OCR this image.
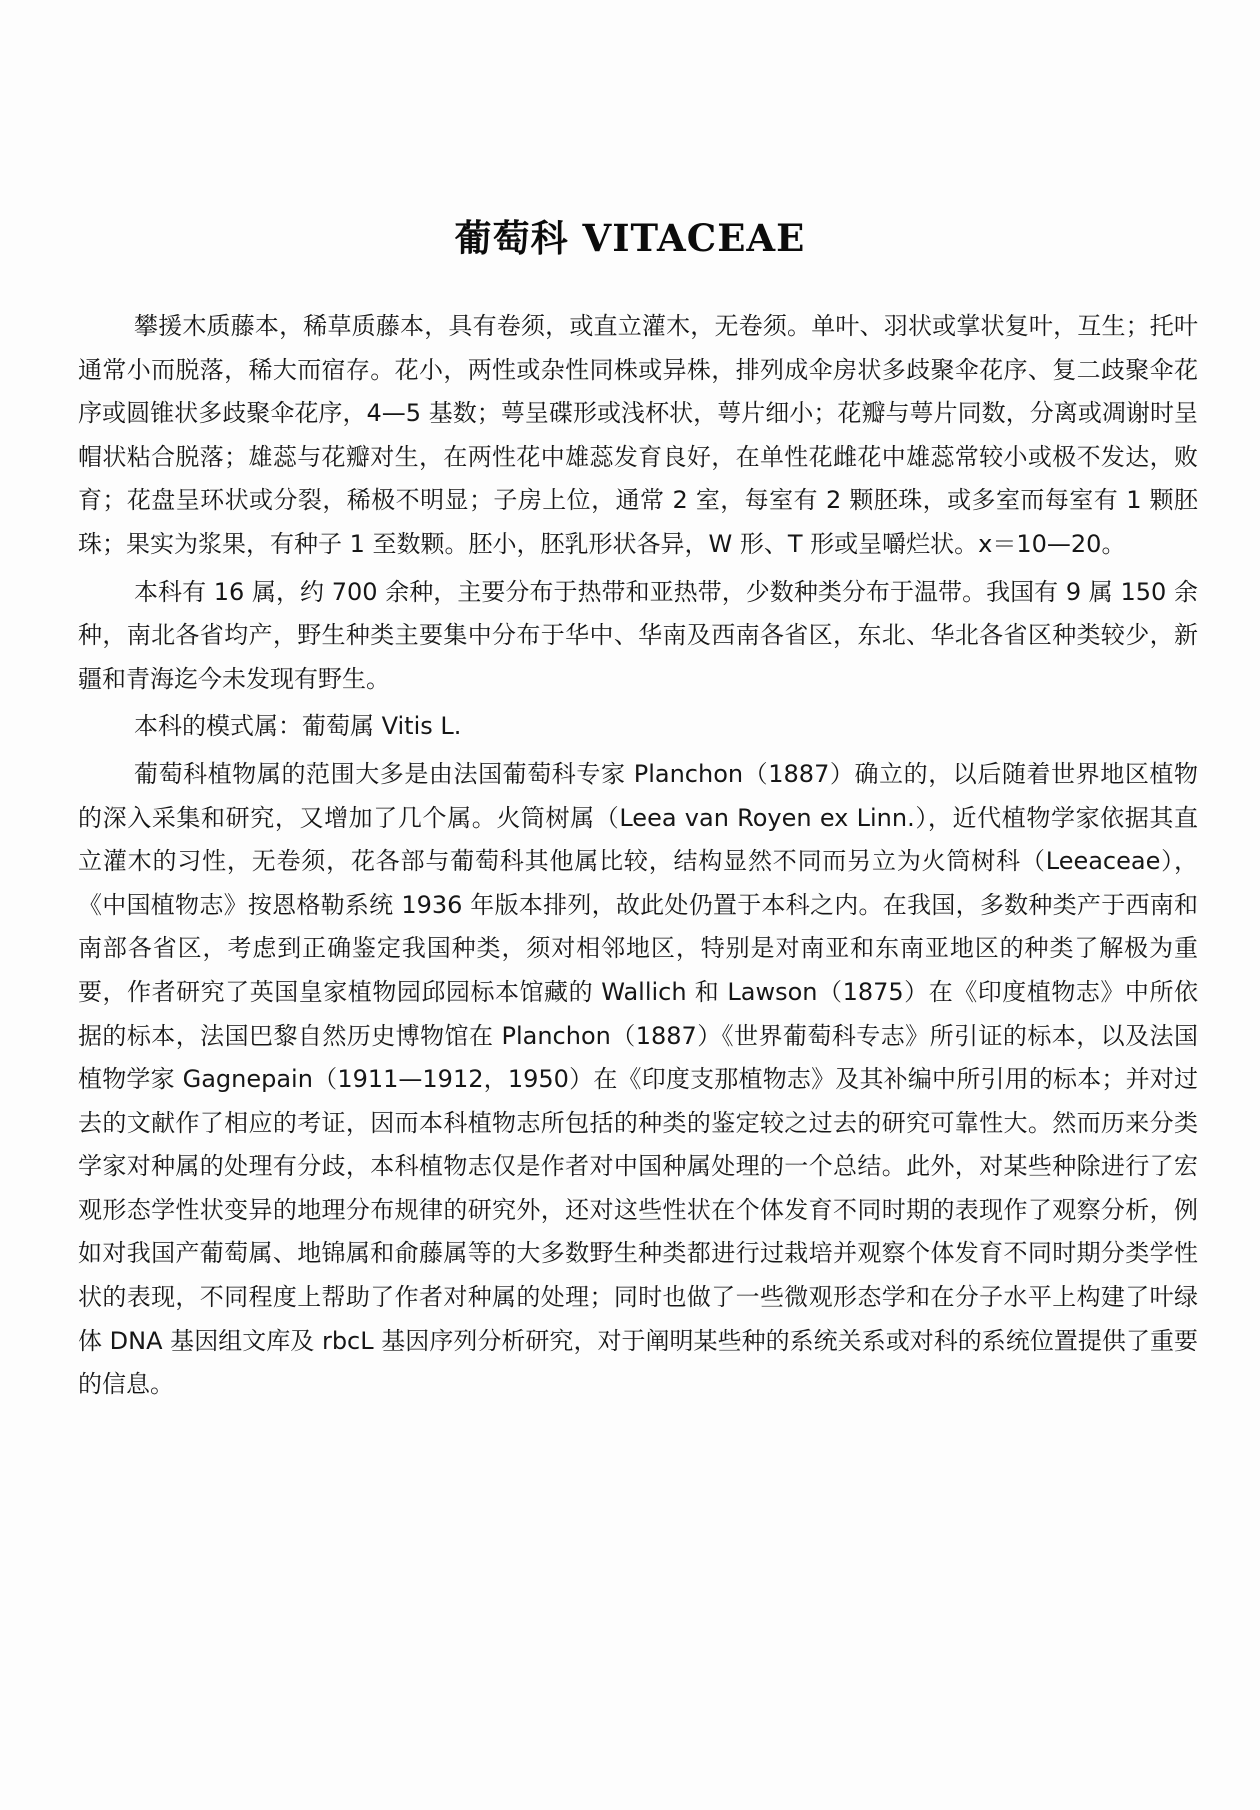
葡萄科 VITACEAE

攀援木质藤本，稀草质藤本，具有卷须，或直立灌木，无卷须。单叶、羽状或掌状复叶，互生；托叶通常小而脱落，稀大而宿存。花小，两性或杂性同株或异株，排列成伞房状多歧聚伞花序、复二歧聚伞花序或圆锥状多歧聚伞花序，4—5 基数；萼呈碟形或浅杯状，萼片细小；花瓣与萼片同数，分离或凋谢时呈帽状粘合脱落；雄蕊与花瓣对生，在两性花中雄蕊发育良好，在单性花雌花中雄蕊常较小或极不发达，败育；花盘呈环状或分裂，稀极不明显；子房上位，通常 2 室，每室有 2 颗胚珠，或多室而每室有 1 颗胚珠；果实为浆果，有种子 1 至数颗。胚小，胚乳形状各异，W 形、T 形或呈嚼烂状。x＝10—20。

本科有 16 属，约 700 余种，主要分布于热带和亚热带，少数种类分布于温带。我国有 9 属 150 余种，南北各省均产，野生种类主要集中分布于华中、华南及西南各省区，东北、华北各省区种类较少，新疆和青海迄今未发现有野生。

本科的模式属：葡萄属 Vitis L.

葡萄科植物属的范围大多是由法国葡萄科专家 Planchon（1887）确立的，以后随着世界地区植物的深入采集和研究，又增加了几个属。火筒树属（Leea van Royen ex Linn.），近代植物学家依据其直立灌木的习性，无卷须，花各部与葡萄科其他属比较，结构显然不同而另立为火筒树科（Leeaceae），《中国植物志》按恩格勒系统 1936 年版本排列，故此处仍置于本科之内。在我国，多数种类产于西南和南部各省区，考虑到正确鉴定我国种类，须对相邻地区，特别是对南亚和东南亚地区的种类了解极为重要，作者研究了英国皇家植物园邱园标本馆藏的 Wallich 和 Lawson（1875）在《印度植物志》中所依据的标本，法国巴黎自然历史博物馆在 Planchon（1887）《世界葡萄科专志》所引证的标本，以及法国植物学家 Gagnepain（1911—1912，1950）在《印度支那植物志》及其补编中所引用的标本；并对过去的文献作了相应的考证，因而本科植物志所包括的种类的鉴定较之过去的研究可靠性大。然而历来分类学家对种属的处理有分歧，本科植物志仅是作者对中国种属处理的一个总结。此外，对某些种除进行了宏观形态学性状变异的地理分布规律的研究外，还对这些性状在个体发育不同时期的表现作了观察分析，例如对我国产葡萄属、地锦属和俞藤属等的大多数野生种类都进行过栽培并观察个体发育不同时期分类学性状的表现，不同程度上帮助了作者对种属的处理；同时也做了一些微观形态学和在分子水平上构建了叶绿体 DNA 基因组文库及 rbcL 基因序列分析研究，对于阐明某些种的系统关系或对科的系统位置提供了重要的信息。
